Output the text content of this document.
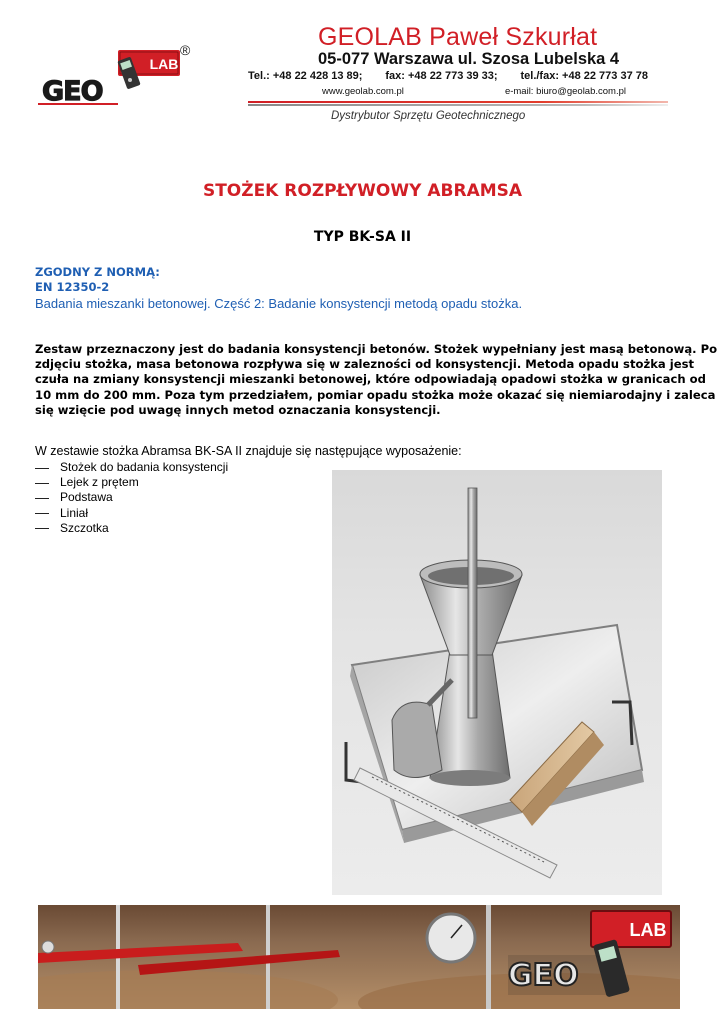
LAB
GEO
®	GEOLAB Paweł Szkurłat
05-077 Warszawa ul. Szosa Lubelska 4
Tel.: +48 22 428 13 89; fax: +48 22 773 39 33; tel./fax: +48 22 773 37 78
www.geolab.com.pl	e-mail: biuro@geolab.com.pl
Dystrybutor Sprzętu Geotechnicznego
STOŻEK ROZPŁYWOWY ABRAMSA
TYP BK-SA II
ZGODNY Z NORMĄ:
EN 12350-2
Badania mieszanki betonowej. Część 2: Badanie konsystencji metodą opadu stożka.
Zestaw przeznaczony jest do badania konsystencji betonów. Stożek wypełniany jest masą betonową. Po
zdjęciu stożka, masa betonowa rozpływa się w zalezności od konsystencji. Metoda opadu stożka jest
czuła na zmiany konsystencji mieszanki betonowej, które odpowiadają opadowi stożka w granicach od
10 mm do 200 mm. Poza tym przedziałem, pomiar opadu stożka może okazać się niemiarodajny i zaleca
się wzięcie pod uwagę innych metod oznaczania konsystencji.
W zestawie stożka Abramsa BK-SA II znajduje się następujące wyposażenie:
Stożek do badania konsystencji
Lejek z prętem
Podstawa
Liniał
Szczotka
GEO
LAB
